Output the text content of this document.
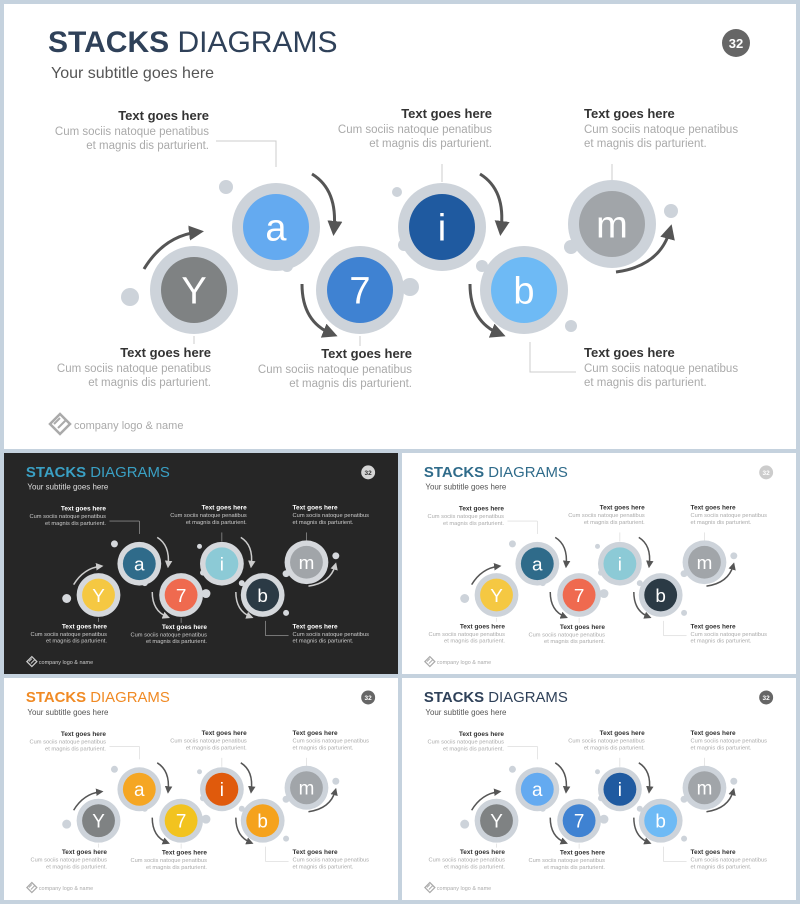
STACKS DIAGRAMS
Your subtitle goes here
32
Y
a
7
i
b
m
Text goes here
Cum sociis natoque penatibus
et magnis dis parturient.
Text goes here
Cum sociis natoque penatibus
et magnis dis parturient.
Text goes here
Cum sociis natoque penatibus
et magnis dis parturient.
Text goes here
Cum sociis natoque penatibus
et magnis dis parturient.
Text goes here
Cum sociis natoque penatibus
et magnis dis parturient.
Text goes here
Cum sociis natoque penatibus
et magnis dis parturient.
company logo & name
STACKS DIAGRAMS
Your subtitle goes here
32
Y
a
7
i
b
m
Text goes here
Cum sociis natoque penatibus
et magnis dis parturient.
Text goes here
Cum sociis natoque penatibus
et magnis dis parturient.
Text goes here
Cum sociis natoque penatibus
et magnis dis parturient.
Text goes here
Cum sociis natoque penatibus
et magnis dis parturient.
Text goes here
Cum sociis natoque penatibus
et magnis dis parturient.
Text goes here
Cum sociis natoque penatibus
et magnis dis parturient.
company logo & name
STACKS DIAGRAMS
Your subtitle goes here
32
Y
a
7
i
b
m
Text goes here
Cum sociis natoque penatibus
et magnis dis parturient.
Text goes here
Cum sociis natoque penatibus
et magnis dis parturient.
Text goes here
Cum sociis natoque penatibus
et magnis dis parturient.
Text goes here
Cum sociis natoque penatibus
et magnis dis parturient.
Text goes here
Cum sociis natoque penatibus
et magnis dis parturient.
Text goes here
Cum sociis natoque penatibus
et magnis dis parturient.
company logo & name
STACKS DIAGRAMS
Your subtitle goes here
32
Y
a
7
i
b
m
Text goes here
Cum sociis natoque penatibus
et magnis dis parturient.
Text goes here
Cum sociis natoque penatibus
et magnis dis parturient.
Text goes here
Cum sociis natoque penatibus
et magnis dis parturient.
Text goes here
Cum sociis natoque penatibus
et magnis dis parturient.
Text goes here
Cum sociis natoque penatibus
et magnis dis parturient.
Text goes here
Cum sociis natoque penatibus
et magnis dis parturient.
company logo & name
STACKS DIAGRAMS
Your subtitle goes here
32
Y
a
7
i
b
m
Text goes here
Cum sociis natoque penatibus
et magnis dis parturient.
Text goes here
Cum sociis natoque penatibus
et magnis dis parturient.
Text goes here
Cum sociis natoque penatibus
et magnis dis parturient.
Text goes here
Cum sociis natoque penatibus
et magnis dis parturient.
Text goes here
Cum sociis natoque penatibus
et magnis dis parturient.
Text goes here
Cum sociis natoque penatibus
et magnis dis parturient.
company logo & name
